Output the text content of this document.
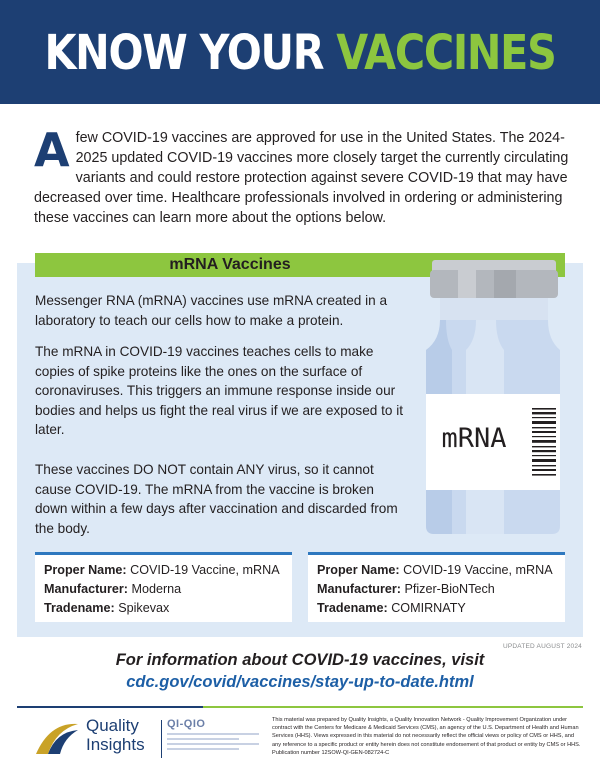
KNOW YOUR VACCINES
A few COVID-19 vaccines are approved for use in the United States. The 2024-2025 updated COVID-19 vaccines more closely target the currently circulating variants and could restore protection against severe COVID-19 that may have decreased over time. Healthcare professionals involved in ordering or administering these vaccines can learn more about the options below.
mRNA Vaccines

Messenger RNA (mRNA) vaccines use mRNA created in a laboratory to teach our cells how to make a protein.

The mRNA in COVID-19 vaccines teaches cells to make copies of spike proteins like the ones on the surface of coronaviruses. This triggers an immune response inside our bodies and helps us fight the real virus if we are exposed to it later.

These vaccines DO NOT contain ANY virus, so it cannot cause COVID-19. The mRNA from the vaccine is broken down within a few days after vaccination and discarded from the body.

mRNA
Proper Name: COVID-19 Vaccine, mRNA
Manufacturer: Moderna
Tradename: Spikevax
Proper Name: COVID-19 Vaccine, mRNA
Manufacturer: Pfizer-BioNTech
Tradename: COMIRNATY
UPDATED AUGUST 2024
For information about COVID-19 vaccines, visit
cdc.gov/covid/vaccines/stay-up-to-date.html
Quality
Insights
QI-QIO	This material was prepared by Quality Insights, a Quality Innovation Network - Quality Improvement Organization under contract with the Centers for Medicare & Medicaid Services (CMS), an agency of the U.S. Department of Health and Human Services (HHS). Views expressed in this material do not necessarily reflect the official views or policy of CMS or HHS, and any reference to a specific product or entity herein does not constitute endorsement of that product or entity by CMS or HHS. Publication number 12SOW-QI-GEN-082724-C
